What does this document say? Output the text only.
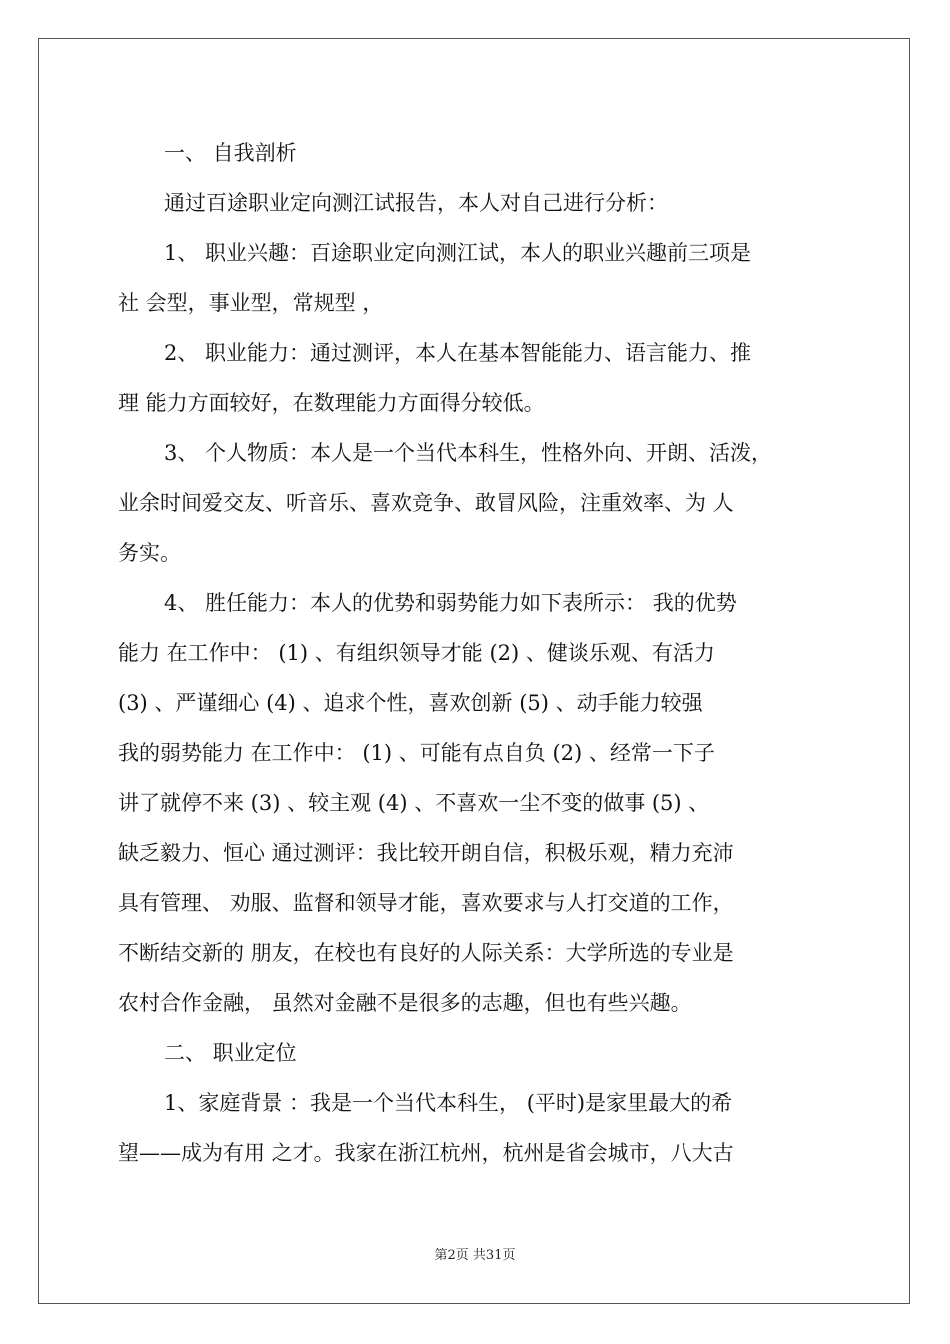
一、 自我剖析
通过百途职业定向测江试报告，本人对自己进行分析：
1、 职业兴趣：百途职业定向测江试，本人的职业兴趣前三项是
社 会型，事业型，常规型 ，
2、 职业能力：通过测评，本人在基本智能能力、语言能力、推
理 能力方面较好，在数理能力方面得分较低。
3、 个人物质：本人是一个当代本科生，性格外向、开朗、活泼，
业余时间爱交友、听音乐、喜欢竞争、敢冒风险，注重效率、为 人
务实。
4、 胜任能力：本人的优势和弱势能力如下表所示： 我的优势
能力 在工作中： (1) 、有组织领导才能 (2) 、健谈乐观、有活力
(3) 、严谨细心 (4) 、追求个性，喜欢创新 (5) 、动手能力较强
我的弱势能力 在工作中： (1) 、可能有点自负 (2) 、经常一下子
讲了就停不来 (3) 、较主观 (4) 、不喜欢一尘不变的做事 (5) 、
缺乏毅力、恒心 通过测评：我比较开朗自信，积极乐观，精力充沛
具有管理、 劝服、监督和领导才能，喜欢要求与人打交道的工作，
不断结交新的 朋友，在校也有良好的人际关系：大学所选的专业是
农村合作金融， 虽然对金融不是很多的志趣，但也有些兴趣。
二、 职业定位
1、家庭背景 ：我是一个当代本科生， (平时)是家里最大的希
望——成为有用 之才。我家在浙江杭州，杭州是省会城市，八大古
第2页 共31页
